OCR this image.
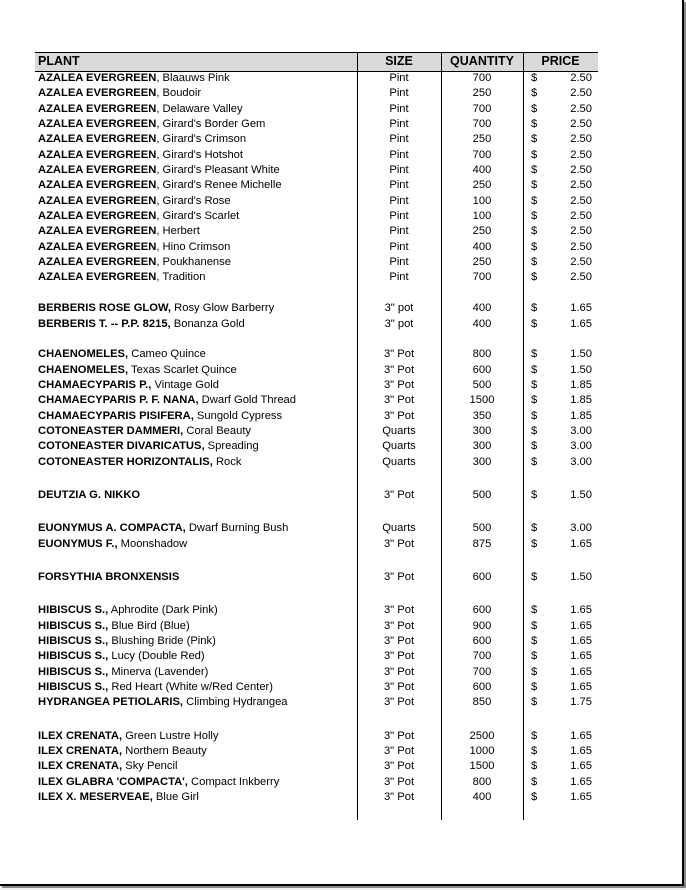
PLANT	SIZE	QUANTITY	PRICE
AZALEA EVERGREEN, Blaauws Pink	Pint	700	$	2.50
AZALEA EVERGREEN, Boudoir	Pint	250	$	2.50
AZALEA EVERGREEN, Delaware Valley	Pint	700	$	2.50
AZALEA EVERGREEN, Girard's Border Gem	Pint	700	$	2.50
AZALEA EVERGREEN, Girard's Crimson	Pint	250	$	2.50
AZALEA EVERGREEN, Girard's Hotshot	Pint	700	$	2.50
AZALEA EVERGREEN, Girard's Pleasant White	Pint	400	$	2.50
AZALEA EVERGREEN, Girard's Renee Michelle	Pint	250	$	2.50
AZALEA EVERGREEN, Girard's Rose	Pint	100	$	2.50
AZALEA EVERGREEN, Girard's Scarlet	Pint	100	$	2.50
AZALEA EVERGREEN, Herbert	Pint	250	$	2.50
AZALEA EVERGREEN, Hino Crimson	Pint	400	$	2.50
AZALEA EVERGREEN, Poukhanense	Pint	250	$	2.50
AZALEA EVERGREEN, Tradition	Pint	700	$	2.50
BERBERIS ROSE GLOW, Rosy Glow Barberry	3" pot	400	$	1.65
BERBERIS T. -- P.P. 8215, Bonanza Gold	3" pot	400	$	1.65
CHAENOMELES, Cameo Quince	3" Pot	800	$	1.50
CHAENOMELES, Texas Scarlet Quince	3" Pot	600	$	1.50
CHAMAECYPARIS P., Vintage Gold	3" Pot	500	$	1.85
CHAMAECYPARIS P. F. NANA, Dwarf Gold Thread	3" Pot	1500	$	1.85
CHAMAECYPARIS PISIFERA, Sungold Cypress	3" Pot	350	$	1.85
COTONEASTER DAMMERI, Coral Beauty	Quarts	300	$	3.00
COTONEASTER DIVARICATUS, Spreading	Quarts	300	$	3.00
COTONEASTER HORIZONTALIS, Rock	Quarts	300	$	3.00
DEUTZIA G. NIKKO	3" Pot	500	$	1.50
EUONYMUS A. COMPACTA, Dwarf Burning Bush	Quarts	500	$	3.00
EUONYMUS F., Moonshadow	3" Pot	875	$	1.65
FORSYTHIA BRONXENSIS	3" Pot	600	$	1.50
HIBISCUS S., Aphrodite (Dark Pink)	3" Pot	600	$	1.65
HIBISCUS S., Blue Bird (Blue)	3" Pot	900	$	1.65
HIBISCUS S., Blushing Bride (Pink)	3" Pot	600	$	1.65
HIBISCUS S., Lucy (Double Red)	3" Pot	700	$	1.65
HIBISCUS S., Minerva (Lavender)	3" Pot	700	$	1.65
HIBISCUS S., Red Heart (White w/Red Center)	3" Pot	600	$	1.65
HYDRANGEA PETIOLARIS, Climbing Hydrangea	3" Pot	850	$	1.75
ILEX CRENATA, Green Lustre Holly	3" Pot	2500	$	1.65
ILEX CRENATA, Northern Beauty	3" Pot	1000	$	1.65
ILEX CRENATA, Sky Pencil	3" Pot	1500	$	1.65
ILEX GLABRA 'COMPACTA', Compact Inkberry	3" Pot	800	$	1.65
ILEX X. MESERVEAE, Blue Girl	3" Pot	400	$	1.65
